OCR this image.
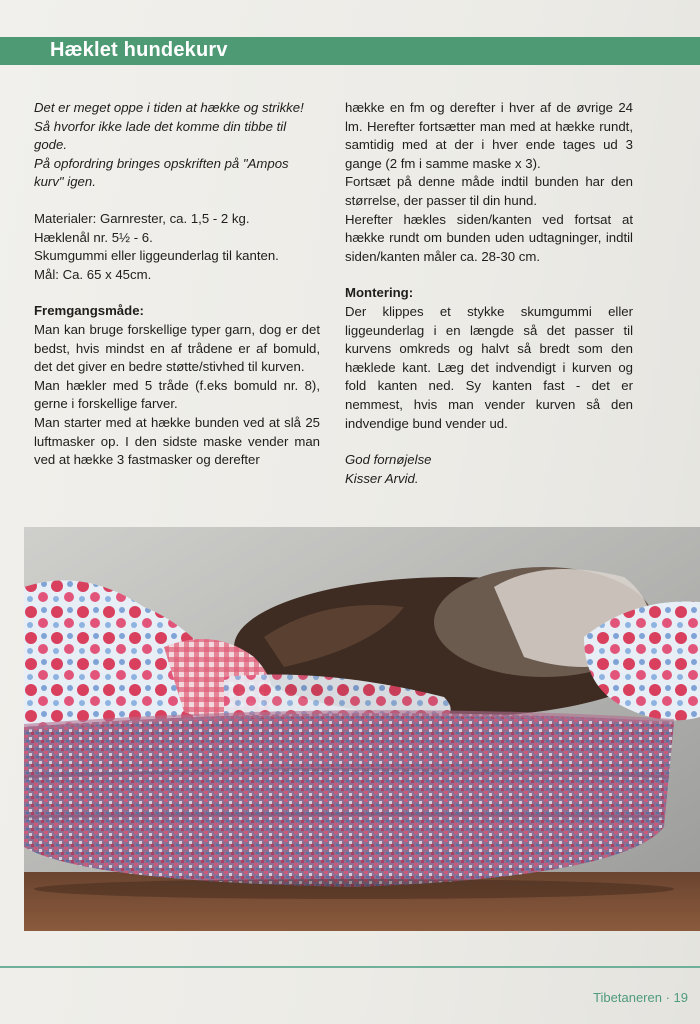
Hæklet hundekurv

Det er meget oppe i tiden at hække og strikke!

Så hvorfor ikke lade det komme din tibbe til gode.

På opfordring bringes opskriften på "Ampos kurv" igen.

Materialer: Garnrester, ca. 1,5 - 2 kg.

Hæklenål nr. 5½ - 6.

Skumgummi eller liggeunderlag til kanten.

Mål: Ca. 65 x 45cm.

Fremgangsmåde:

Man kan bruge forskellige typer garn, dog er det bedst, hvis mindst en af trådene er af bomuld, det det giver en bedre støtte/stivhed til kurven.

Man hækler med 5 tråde (f.eks bomuld nr. 8), gerne i forskellige farver.

Man starter med at hække bunden ved at slå 25 luftmasker op. I den sidste maske vender man ved at hække 3 fastmasker og derefter

hække en fm og derefter i hver af de øvrige 24 lm. Herefter fortsætter man med at hække rundt, samtidig med at der i hver ende tages ud 3 gange (2 fm i samme maske x 3).

Fortsæt på denne måde indtil bunden har den størrelse, der passer til din hund.

Herefter hækles siden/kanten ved fortsat at hække rundt om bunden uden udtagninger, indtil siden/kanten måler ca. 28-30 cm.

Montering:

Der klippes et stykke skumgummi eller liggeunderlag i en længde så det passer til kurvens omkreds og halvt så bredt som den hæklede kant. Læg det indvendigt i kurven og fold kanten ned. Sy kanten fast - det er nemmest, hvis man vender kurven så den indvendige bund vender ud.

God fornøjelse

Kisser Arvid.

Tibetaneren · 19
